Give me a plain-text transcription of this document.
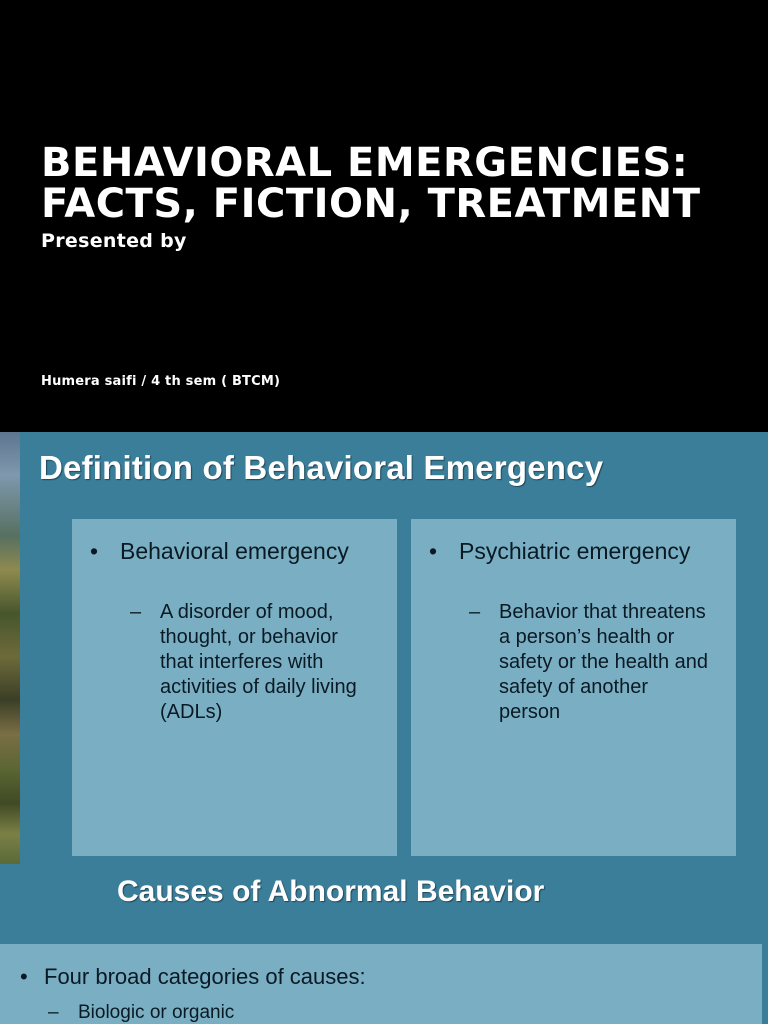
BEHAVIORAL EMERGENCIES:
FACTS, FICTION, TREATMENT

Presented by

Humera saifi / 4 th sem ( BTCM)

Definition of Behavioral Emergency
• Behavioral emergency
– A disorder of mood, thought, or behavior that interferes with activities of daily living (ADLs)
• Psychiatric emergency
– Behavior that threatens a person’s health or safety or the health and safety of another person
Causes of Abnormal Behavior
• Four broad categories of causes:
–	Biologic or organic
